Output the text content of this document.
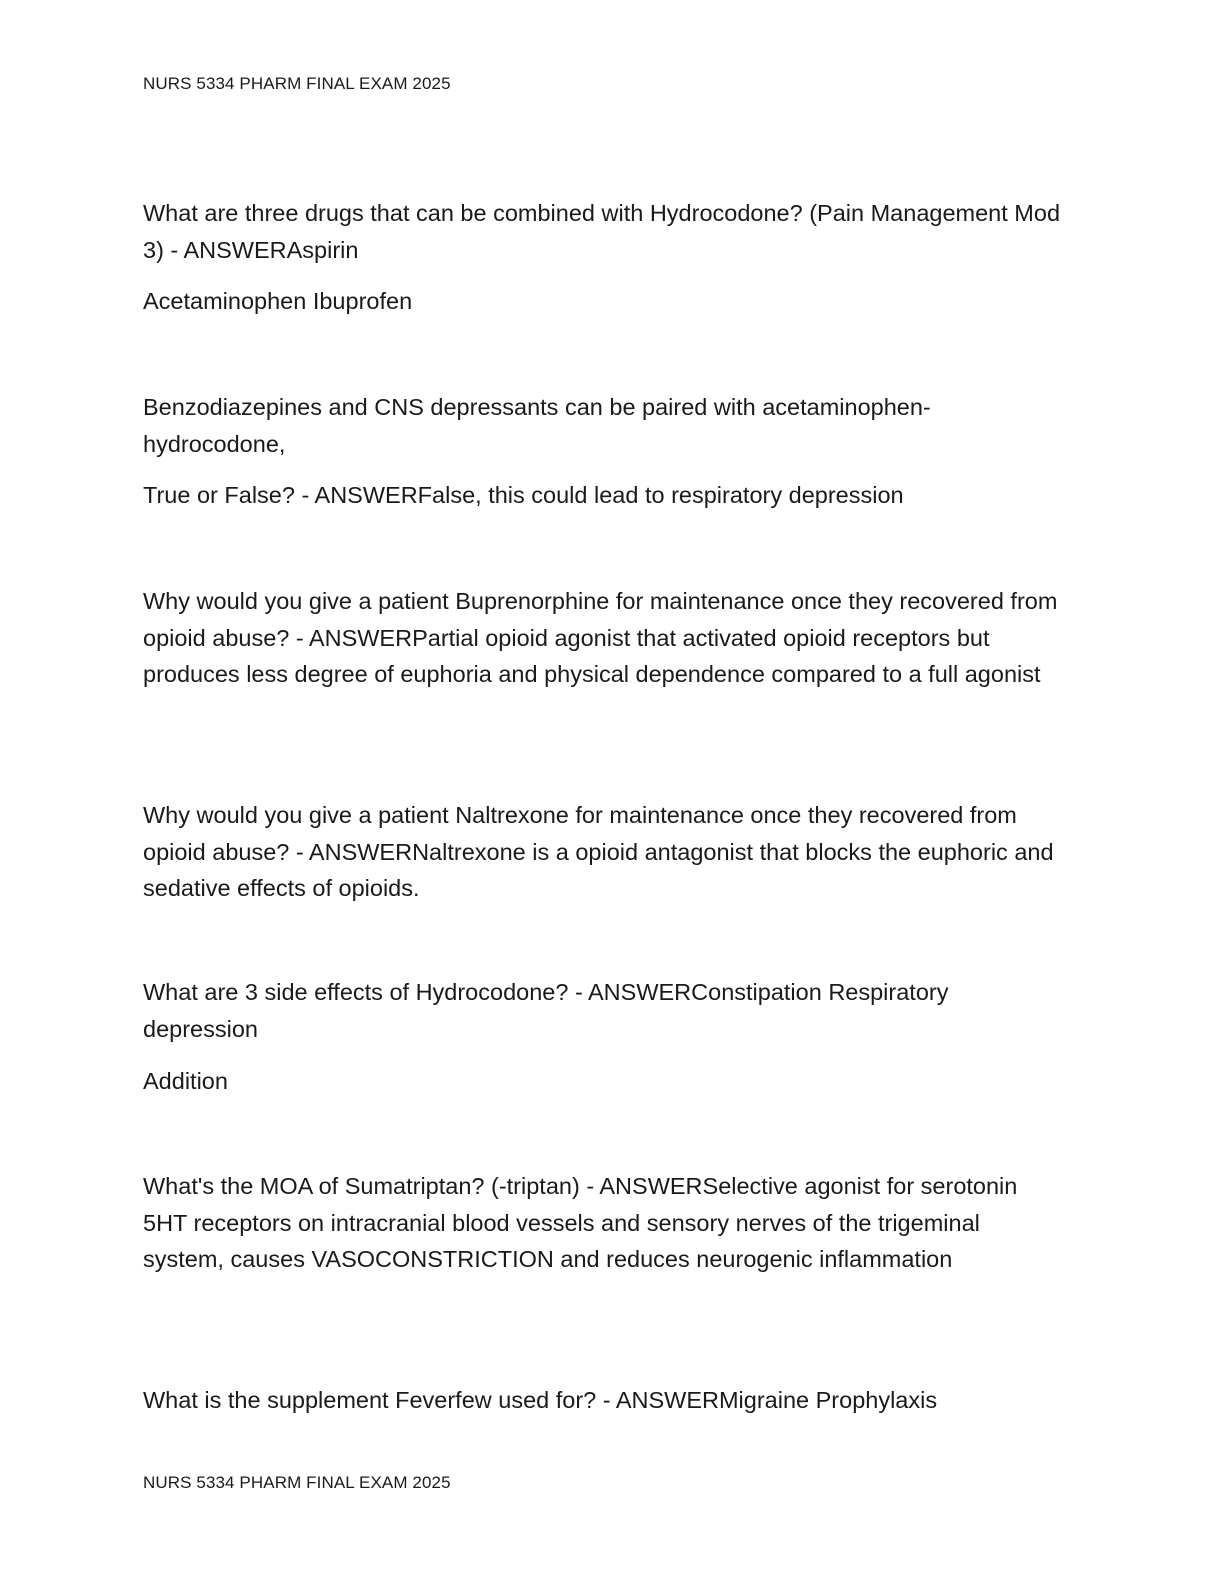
NURS 5334 PHARM FINAL EXAM 2025

What are three drugs that can be combined with Hydrocodone? (Pain Management Mod 3) - ANSWERAspirin

Acetaminophen Ibuprofen

Benzodiazepines and CNS depressants can be paired with acetaminophen-hydrocodone,

True or False? - ANSWERFalse, this could lead to respiratory depression

Why would you give a patient Buprenorphine for maintenance once they recovered from opioid abuse? - ANSWERPartial opioid agonist that activated opioid receptors but produces less degree of euphoria and physical dependence compared to a full agonist

Why would you give a patient Naltrexone for maintenance once they recovered from opioid abuse? - ANSWERNaltrexone is a opioid antagonist that blocks the euphoric and sedative effects of opioids.

What are 3 side effects of Hydrocodone? - ANSWERConstipation Respiratory depression

Addition

What's the MOA of Sumatriptan? (-triptan) - ANSWERSelective agonist for serotonin 5HT receptors on intracranial blood vessels and sensory nerves of the trigeminal system, causes VASOCONSTRICTION and reduces neurogenic inflammation

What is the supplement Feverfew used for? - ANSWERMigraine Prophylaxis

NURS 5334 PHARM FINAL EXAM 2025
